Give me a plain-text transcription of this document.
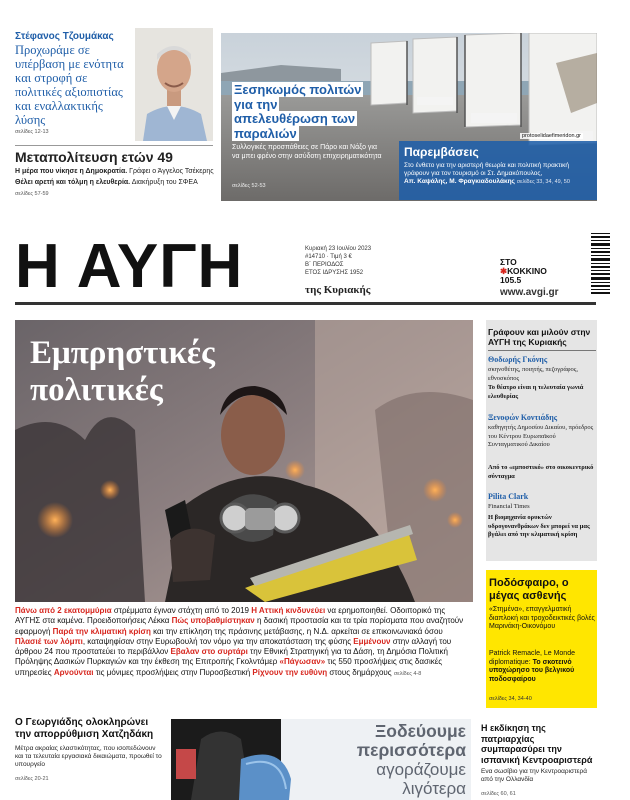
Στέφανος Τζουμάκας
Προχωράμε σε υπέρβαση με ενότητα και στροφή σε πολιτικές αξιοπιστίας και εναλλακτικής λύσης
σελίδες 12-13
Μεταπολίτευση ετών 49
Η μέρα που νίκησε η Δημοκρατία. Γράφει ο Άγγελος Τσέκερης
Θέλει αρετή και τόλμη η ελευθερία. Διακήρυξη του ΣΦΕΑ
σελίδες 57-59
Ξεσηκωμός πολιτών για την απελευθέρωση των παραλιών
Συλλογικές προσπάθειες σε Πάρο και Νάξο για να μπει φρένο στην ασύδοτη επιχειρηματικότητα
σελίδες 52-53
protoselidaefimeridon.gr
Παρεμβάσεις
Στο ένθετο για την αριστερή θεωρία και πολιτική πρακτική γράφουν για τον τουρισμό οι Στ. Δημακόπουλος,
Απ. Καψάλης, Μ. Φραγκιαδουλάκης σελίδες 33, 34, 49, 50
Η ΑΥΓΗ	Κυριακή 23 Ιουλίου 2023
#14710 · Τιμή 3 €
Β΄ ΠΕΡΙΟΔΟΣ
ΕΤΟΣ ΙΔΡΥΣΗΣ 1952
της Κυριακής
ΣΤΟ
✱ΚΟΚΚΙΝΟ
105.5
www.avgi.gr
Εμπρηστικές
πολιτικές
Πάνω από 2 εκατομμύρια στρέμματα έγιναν στάχτη από το 2019 Η Αττική κινδυνεύει να ερημοποιηθεί. Οδοιπορικό της ΑΥΓΗΣ στα καμένα. Προειδοποιήσεις Λέκκα Πώς υποβαθμίστηκαν η δασική προστασία και τα τρία πορίσματα που αναζητούν εφαρμογή Παρά την κλιματική κρίση και την επίκληση της πράσινης μετάβασης, η Ν.Δ. αρκείται σε επικοινωνιακά όσου Πλασιέ των λόμπι, καταψηφίσαν στην Ευρωβουλή τον νόμο για την αποκατάσταση της φύσης Εμμένουν στην αλλαγή του άρθρου 24 που προστατεύει το περιβάλλον Εβαλαν στο συρτάρι την Εθνική Στρατηγική για τα Δάση, τη Δημόσια Πολιτική Πρόληψης Δασικών Πυρκαγιών και την έκθεση της Επιτροπής Γκολντάμερ «Πάγωσαν» τις 550 προσλήψεις στις δασικές υπηρεσίες Αρνούνται τις μόνιμες προσλήψεις στην Πυροσβεστική Ρίχνουν την ευθύνη στους δημάρχους σελίδες 4-8
Γράφουν και μιλούν στην ΑΥΓΗ της Κυριακής
Θοδωρής Γκόνης
σκηνοθέτης, ποιητής, πεζογράφος, εθνοσκόπος
Το θέατρο είναι η τελευταία γωνιά ελευθερίας
Ξενοφών Κοντιάδης
καθηγητής Δημοσίου Δικαίου, πρόεδρος του Κέντρου Ευρωπαϊκού Συνταγματικού Δικαίου
Από το «εμποστικό» στο οικοκεντρικό σύνταγμα
Pilita Clark
Financial Times
Η βιομηχανία ορυκτών υδρογονανθράκων δεν μπορεί να μας βγάλει από την κλιματική κρίση
Ποδόσφαιρο, ο μέγας ασθενής
«Στημένα», επαγγελματική διαπλοκή και τροχοδεικτικές βολές Μαρινάκη-Οικονόμου
Patrick Remacle, Le Monde diplomatique: Το σκοτεινό υποχώρησο του βελγικού ποδοσφαίρου
σελίδες 34, 34-40
Ο Γεωργιάδης ολοκληρώνει την απορρύθμιση Χατζηδάκη
Μέτρα ακραίας ελαστικότητας, που ισοπεδώνουν και τα τελευταία εργασιακά δικαιώματα, προωθεί το υπουργείο
σελίδες 20-21
Ξοδεύουμε περισσότερα
αγοράζουμε λιγότερα
Η εκδίκηση της πατριαρχίας συμπαρασύρει την ισπανική Κεντροαριστερά
Ενα σωσίβιο για την Κεντροαριστερά από την Ολλανδία
σελίδες 60, 61
